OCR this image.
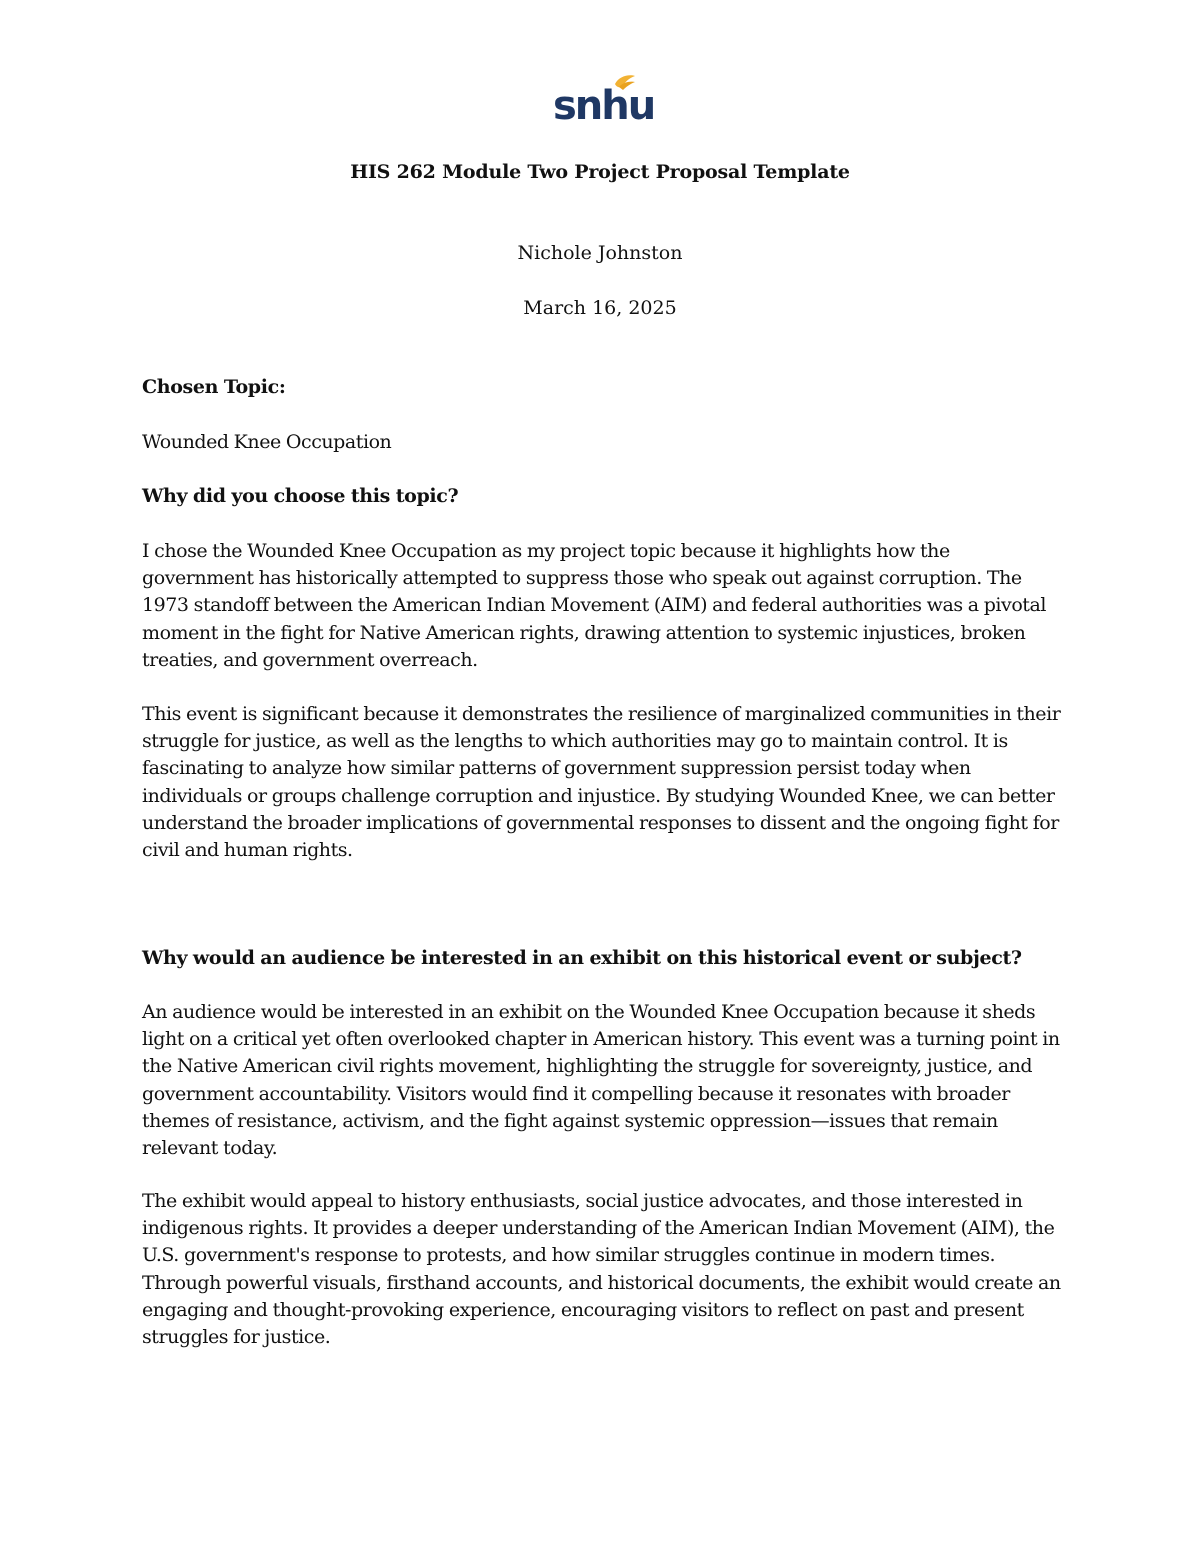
snhu
HIS 262 Module Two Project Proposal Template
Nichole Johnston
March 16, 2025
Chosen Topic:
Wounded Knee Occupation
Why did you choose this topic?
I chose the Wounded Knee Occupation as my project topic because it highlights how the government has historically attempted to suppress those who speak out against corruption. The 1973 standoff between the American Indian Movement (AIM) and federal authorities was a pivotal moment in the fight for Native American rights, drawing attention to systemic injustices, broken treaties, and government overreach.
This event is significant because it demonstrates the resilience of marginalized communities in their struggle for justice, as well as the lengths to which authorities may go to maintain control. It is fascinating to analyze how similar patterns of government suppression persist today when individuals or groups challenge corruption and injustice. By studying Wounded Knee, we can better understand the broader implications of governmental responses to dissent and the ongoing fight for civil and human rights.
Why would an audience be interested in an exhibit on this historical event or subject?
An audience would be interested in an exhibit on the Wounded Knee Occupation because it sheds light on a critical yet often overlooked chapter in American history. This event was a turning point in the Native American civil rights movement, highlighting the struggle for sovereignty, justice, and government accountability. Visitors would find it compelling because it resonates with broader themes of resistance, activism, and the fight against systemic oppression—issues that remain relevant today.
The exhibit would appeal to history enthusiasts, social justice advocates, and those interested in indigenous rights. It provides a deeper understanding of the American Indian Movement (AIM), the U.S. government's response to protests, and how similar struggles continue in modern times. Through powerful visuals, firsthand accounts, and historical documents, the exhibit would create an engaging and thought-provoking experience, encouraging visitors to reflect on past and present struggles for justice.
